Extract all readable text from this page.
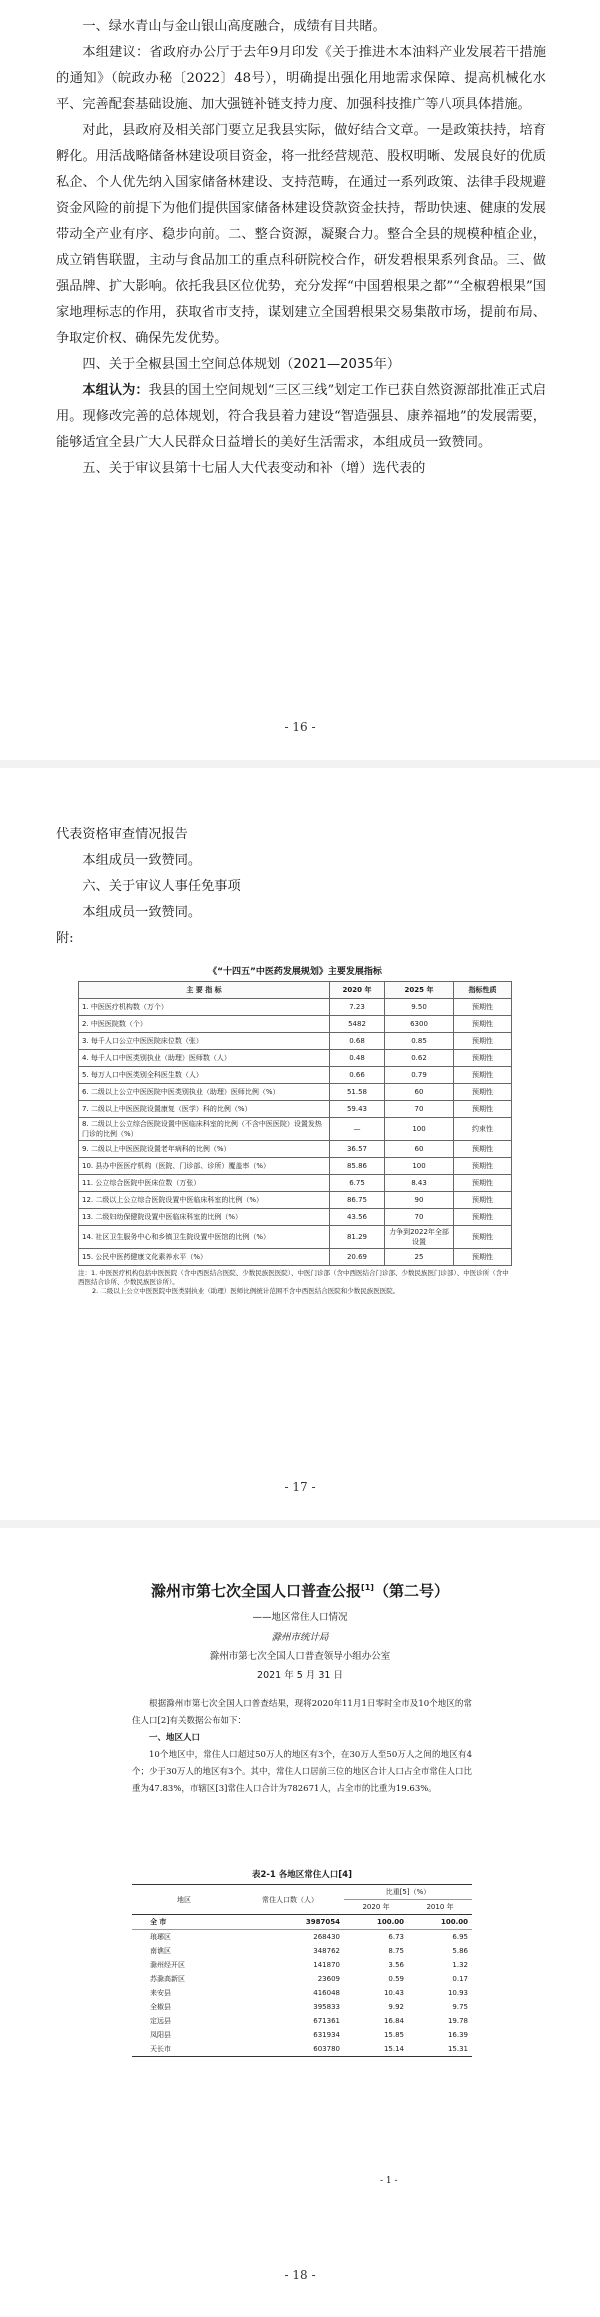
一、绿水青山与金山银山高度融合，成绩有目共睹。

本组建议：省政府办公厅于去年9月印发《关于推进木本油料产业发展若干措施的通知》（皖政办秘〔2022〕48号），明确提出强化用地需求保障、提高机械化水平、完善配套基础设施、加大强链补链支持力度、加强科技推广等八项具体措施。

对此，县政府及相关部门要立足我县实际，做好结合文章。一是政策扶持，培育孵化。用活战略储备林建设项目资金，将一批经营规范、股权明晰、发展良好的优质私企、个人优先纳入国家储备林建设、支持范畴，在通过一系列政策、法律手段规避资金风险的前提下为他们提供国家储备林建设贷款资金扶持，帮助快速、健康的发展带动全产业有序、稳步向前。二、整合资源，凝聚合力。整合全县的规模种植企业，成立销售联盟，主动与食品加工的重点科研院校合作，研发碧根果系列食品。三、做强品牌、扩大影响。依托我县区位优势，充分发挥“中国碧根果之都”“全椒碧根果”国家地理标志的作用，获取省市支持，谋划建立全国碧根果交易集散市场，提前布局、争取定价权、确保先发优势。

四、关于全椒县国土空间总体规划（2021—2035年）

本组认为：我县的国土空间规划“三区三线”划定工作已获自然资源部批准正式启用。现修改完善的总体规划，符合我县着力建设“智造强县、康养福地”的发展需要，能够适宜全县广大人民群众日益增长的美好生活需求，本组成员一致赞同。

五、关于审议县第十七届人大代表变动和补（增）选代表的

- 16 -

代表资格审查情况报告

本组成员一致赞同。

六、关于审议人事任免事项

本组成员一致赞同。

附:

《“十四五”中医药发展规划》主要发展指标
主 要 指 标	2020 年	2025 年	指标性质
1. 中医医疗机构数（万个）	7.23	9.50	预期性
2. 中医医院数（个）	5482	6300	预期性
3. 每千人口公立中医医院床位数（张）	0.68	0.85	预期性
4. 每千人口中医类别执业（助理）医师数（人）	0.48	0.62	预期性
5. 每万人口中医类别全科医生数（人）	0.66	0.79	预期性
6. 二级以上公立中医医院中医类别执业（助理）医师比例（%）	51.58	60	预期性
7. 二级以上中医医院设置康复（医学）科的比例（%）	59.43	70	预期性
8. 二级以上公立综合医院设置中医临床科室的比例（不含中医医院）设置发热门诊的比例（%）	—	100	约束性
9. 二级以上中医医院设置老年病科的比例（%）	36.57	60	预期性
10. 县办中医医疗机构（医院、门诊部、诊所）覆盖率（%）	85.86	100	预期性
11. 公立综合医院中医床位数（万张）	6.75	8.43	预期性
12. 二级以上公立综合医院设置中医临床科室的比例（%）	86.75	90	预期性
13. 二级妇幼保健院设置中医临床科室的比例（%）	43.56	70	预期性
14. 社区卫生服务中心和乡镇卫生院设置中医馆的比例（%）	81.29	力争到2022年全部设置	预期性
15. 公民中医药健康文化素养水平（%）	20.69	25	预期性
注：1. 中医医疗机构包括中医医院（含中西医结合医院、少数民族医医院）、中医门诊部（含中西医结合门诊部、少数民族医门诊部）、中医诊所（含中西医结合诊所、少数民族医诊所）。
2. 二级以上公立中医医院中医类别执业（助理）医师比例统计范围不含中西医结合医院和少数民族医医院。
- 17 -
滁州市第七次全国人口普查公报[1]（第二号）
——地区常住人口情况
滁州市统计局
滁州市第七次全国人口普查领导小组办公室
2021 年 5 月 31 日

根据滁州市第七次全国人口普查结果，现将2020年11月1日零时全市及10个地区的常住人口[2]有关数据公布如下：

一、地区人口

10个地区中，常住人口超过50万人的地区有3个，在30万人至50万人之间的地区有4个；少于30万人的地区有3个。其中，常住人口居前三位的地区合计人口占全市常住人口比重为47.83%，市辖区[3]常住人口合计为782671人，占全市的比重为19.63%。

表2-1 各地区常住人口[4]
地区	常住人口数（人）	比重[5]（%）	
		2020 年	2010 年
全 市	3987054	100.00	100.00
琅琊区	268430	6.73	6.95
南谯区	348762	8.75	5.86
滁州经开区	141870	3.56	1.32
苏滁高新区	23609	0.59	0.17
来安县	416048	10.43	10.93
全椒县	395833	9.92	9.75
定远县	671361	16.84	19.78
凤阳县	631934	15.85	16.39
天长市	603780	15.14	15.31
- 1 -
- 18 -
